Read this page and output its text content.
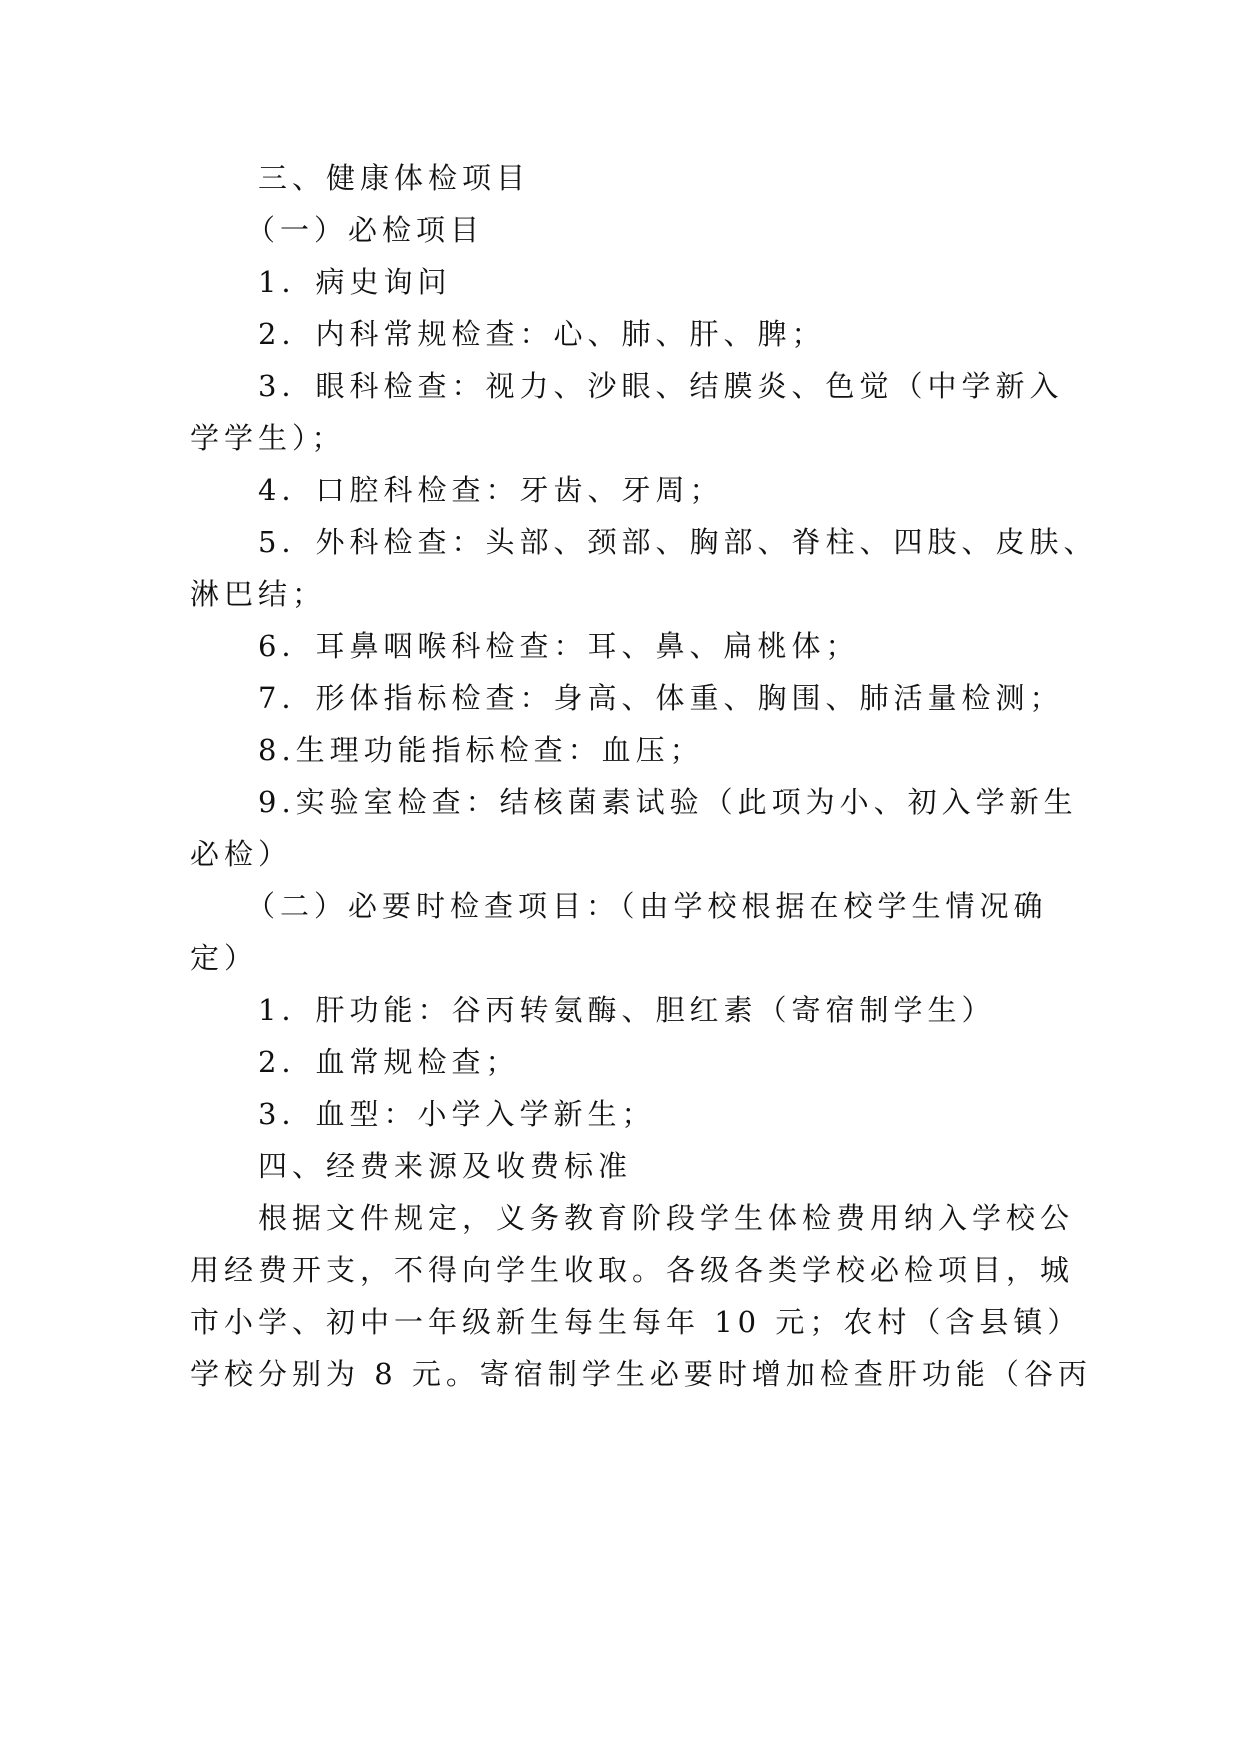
三、健康体检项目
（一）必检项目
1．病史询问
2．内科常规检查：心、肺、肝、脾；
3．眼科检查：视力、沙眼、结膜炎、色觉（中学新入
学学生）；
4．口腔科检查：牙齿、牙周；
5．外科检查：头部、颈部、胸部、脊柱、四肢、皮肤、
淋巴结；
6．耳鼻咽喉科检查：耳、鼻、扁桃体；
7．形体指标检查：身高、体重、胸围、肺活量检测；
8.生理功能指标检查：血压；
9.实验室检查：结核菌素试验（此项为小、初入学新生
必检）
（二）必要时检查项目：（由学校根据在校学生情况确
定）
1．肝功能：谷丙转氨酶、胆红素（寄宿制学生）
2．血常规检查；
3．血型：小学入学新生；
四、经费来源及收费标准
根据文件规定，义务教育阶段学生体检费用纳入学校公
用经费开支，不得向学生收取。各级各类学校必检项目，城
市小学、初中一年级新生每生每年 10 元；农村（含县镇）
学校分别为 8 元。寄宿制学生必要时增加检查肝功能（谷丙
